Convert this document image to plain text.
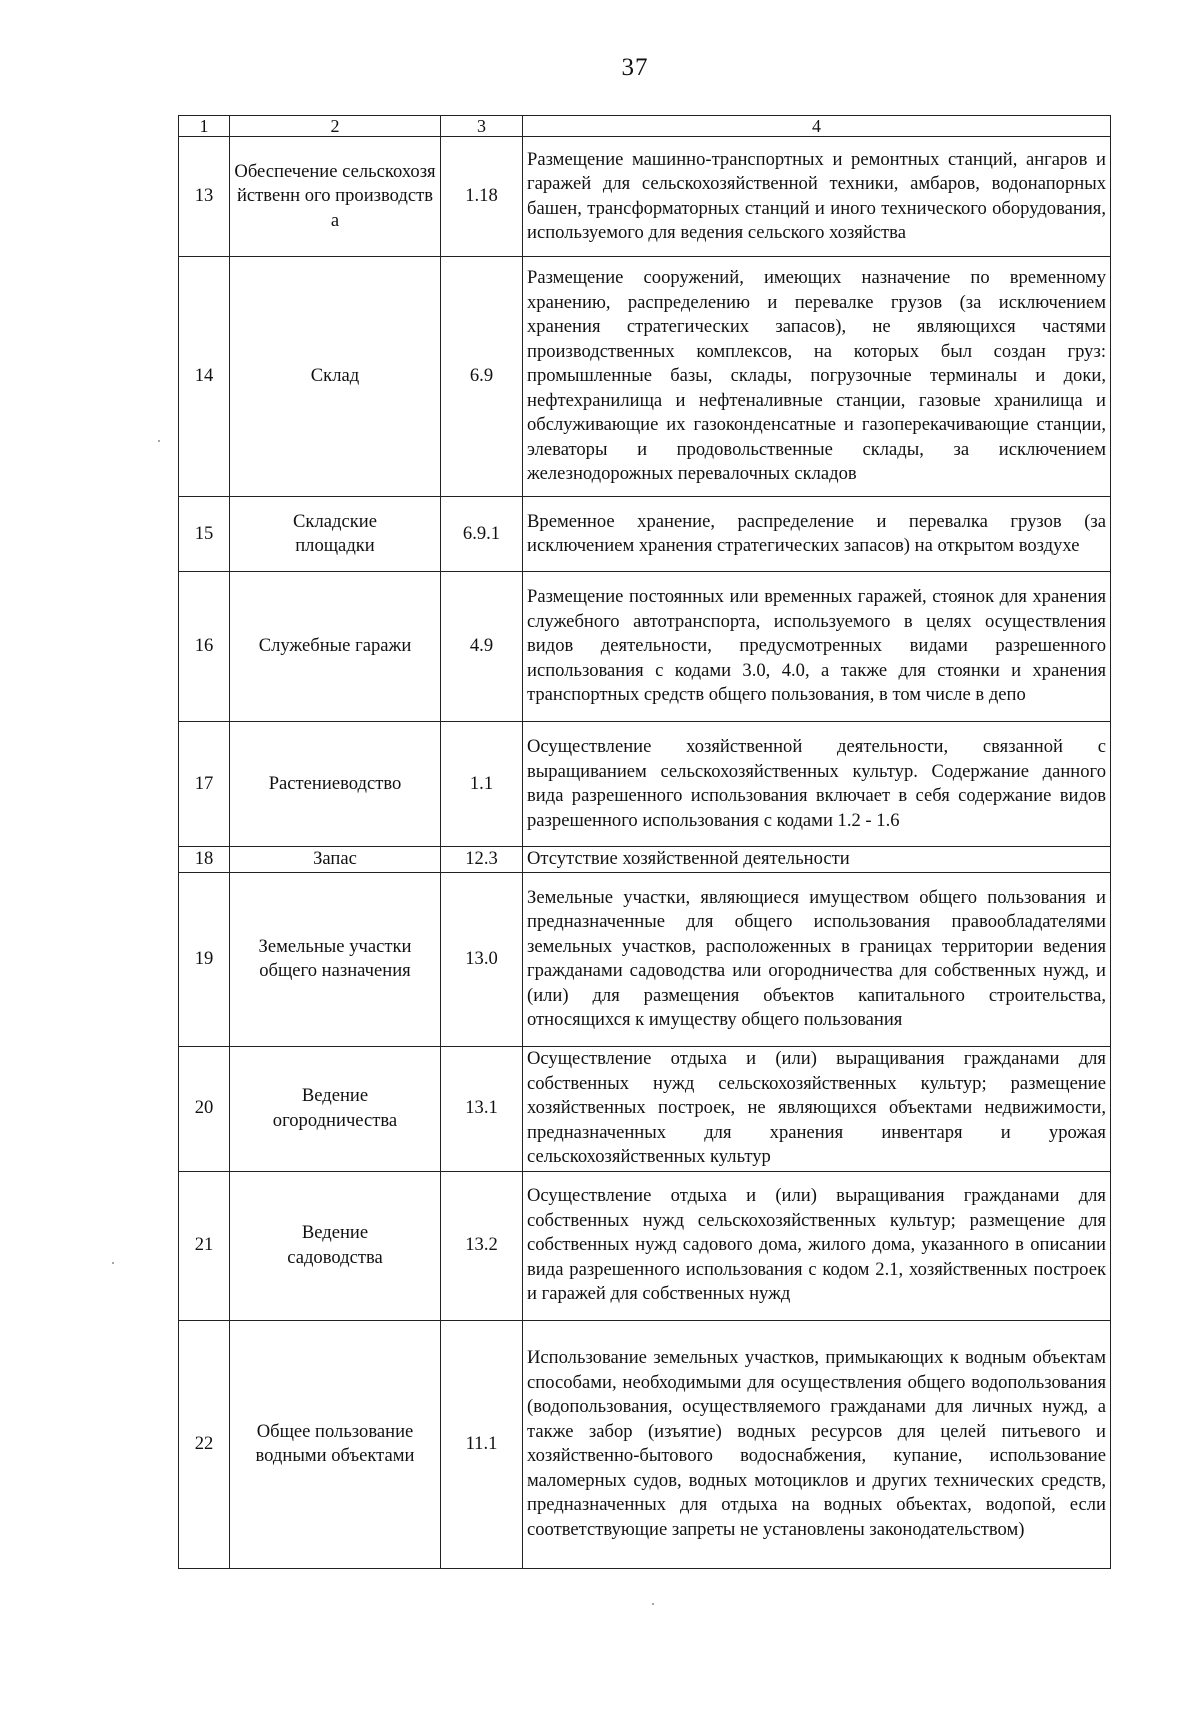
37
1	2	3	4
13	Обеспечение сельскохозяйственн ого производства	1.18	Размещение машинно-транспортных и ремонтных станций, ангаров и гаражей для сельскохозяйственной техники, амбаров, водонапорных башен, трансформаторных станций и иного технического оборудования, используемого для ведения сельского хозяйства
14	Склад	6.9	Размещение сооружений, имеющих назначение по временному хранению, распределению и перевалке грузов (за исключением хранения стратегических запасов), не являющихся частями производственных комплексов, на которых был создан груз: промышленные базы, склады, погрузочные терминалы и доки, нефтехранилища и нефтеналивные станции, газовые хранилища и обслуживающие их газоконденсатные и газоперекачивающие станции, элеваторы и продовольственные склады, за исключением железнодорожных перевалочных складов
15	Складские площадки	6.9.1	Временное хранение, распределение и перевалка грузов (за исключением хранения стратегических запасов) на открытом воздухе
16	Служебные гаражи	4.9	Размещение постоянных или временных гаражей, стоянок для хранения служебного автотранспорта, используемого в целях осуществления видов деятельности, предусмотренных видами разрешенного использования с кодами 3.0, 4.0, а также для стоянки и хранения транспортных средств общего пользования, в том числе в депо
17	Растениеводство	1.1	Осуществление хозяйственной деятельности, связанной с выращиванием сельскохозяйственных культур. Содержание данного вида разрешенного использования включает в себя содержание видов разрешенного использования с кодами 1.2 - 1.6
18	Запас	12.3	Отсутствие хозяйственной деятельности
19	Земельные участки общего назначения	13.0	Земельные участки, являющиеся имуществом общего пользования и предназначенные для общего использования правообладателями земельных участков, расположенных в границах территории ведения гражданами садоводства или огородничества для собственных нужд, и (или) для размещения объектов капитального строительства, относящихся к имуществу общего пользования
20	Ведение огородничества	13.1	Осуществление отдыха и (или) выращивания гражданами для собственных нужд сельскохозяйственных культур; размещение хозяйственных построек, не являющихся объектами недвижимости, предназначенных для хранения инвентаря и урожая сельскохозяйственных культур
21	Ведение садоводства	13.2	Осуществление отдыха и (или) выращивания гражданами для собственных нужд сельскохозяйственных культур; размещение для собственных нужд садового дома, жилого дома, указанного в описании вида разрешенного использования с кодом 2.1, хозяйственных построек и гаражей для собственных нужд
22	Общее пользование водными объектами	11.1	Использование земельных участков, примыкающих к водным объектам способами, необходимыми для осуществления общего водопользования (водопользования, осуществляемого гражданами для личных нужд, а также забор (изъятие) водных ресурсов для целей питьевого и хозяйственно-бытового водоснабжения, купание, использование маломерных судов, водных мотоциклов и других технических средств, предназначенных для отдыха на водных объектах, водопой, если соответствующие запреты не установлены законодательством)
